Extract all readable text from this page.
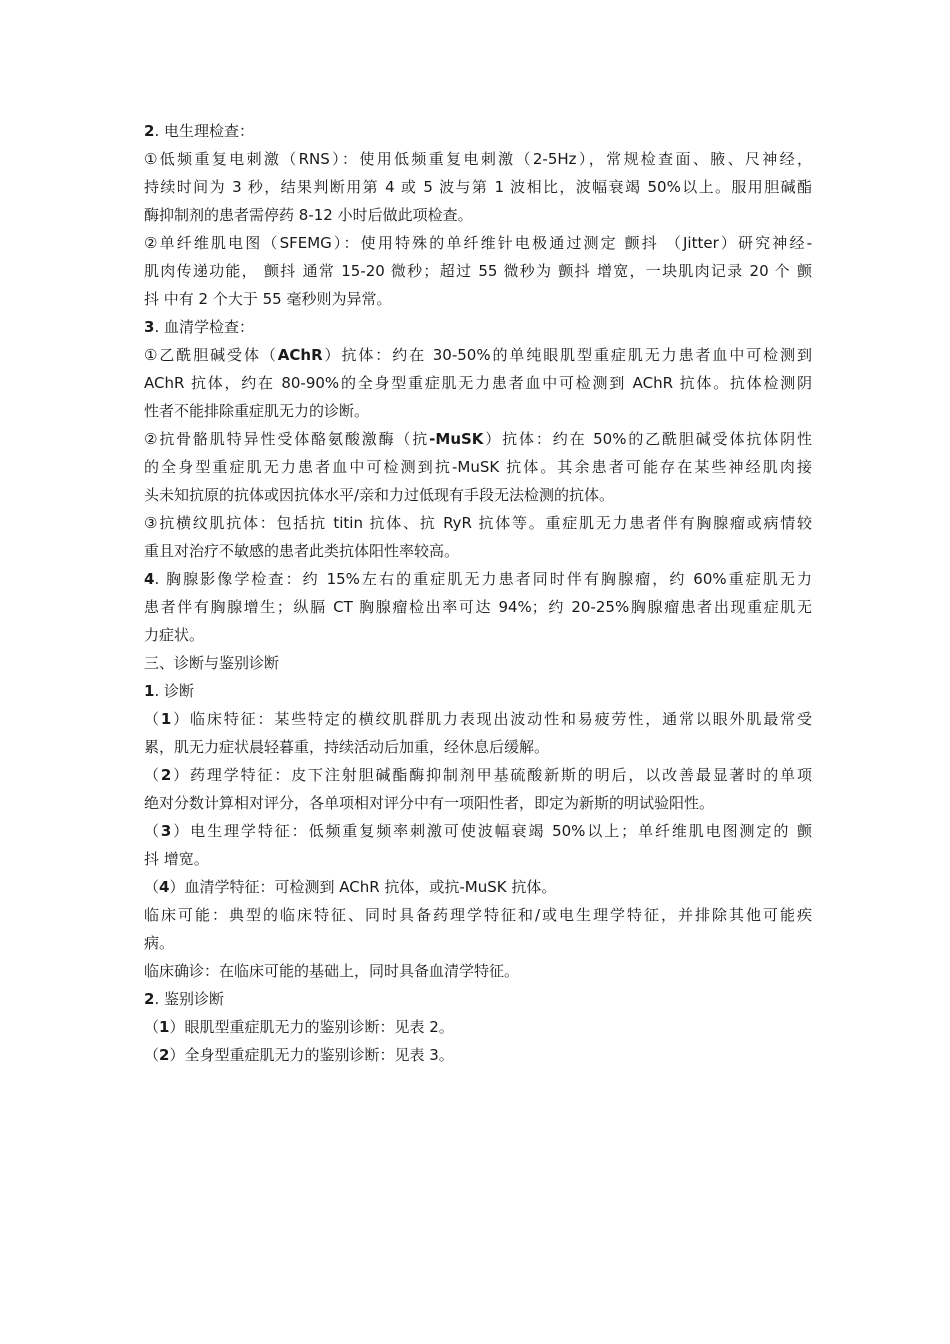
2. 电生理检查：
①低频重复电刺激（RNS）：使用低频重复电刺激（2-5Hz），常规检查面、腋、尺神经，
持续时间为 3 秒，结果判断用第 4 或 5 波与第 1 波相比，波幅衰竭 50%以上。服用胆碱酯
酶抑制剂的患者需停药 8-12 小时后做此项检查。
②单纤维肌电图（SFEMG）：使用特殊的单纤维针电极通过测定 颤抖 （Jitter）研究神经-
肌肉传递功能， 颤抖 通常 15-20 微秒；超过 55 微秒为 颤抖 增宽，一块肌肉记录 20 个 颤
抖 中有 2 个大于 55 毫秒则为异常。
3. 血清学检查：
①乙酰胆碱受体（AChR）抗体：约在 30-50%的单纯眼肌型重症肌无力患者血中可检测到
AChR 抗体，约在 80-90%的全身型重症肌无力患者血中可检测到 AChR 抗体。抗体检测阴
性者不能排除重症肌无力的诊断。
②抗骨骼肌特异性受体酪氨酸激酶（抗-MuSK）抗体：约在 50%的乙酰胆碱受体抗体阴性
的全身型重症肌无力患者血中可检测到抗-MuSK 抗体。其余患者可能存在某些神经肌肉接
头未知抗原的抗体或因抗体水平/亲和力过低现有手段无法检测的抗体。
③抗横纹肌抗体：包括抗 titin 抗体、抗 RyR 抗体等。重症肌无力患者伴有胸腺瘤或病情较
重且对治疗不敏感的患者此类抗体阳性率较高。
4. 胸腺影像学检查：约 15%左右的重症肌无力患者同时伴有胸腺瘤，约 60%重症肌无力
患者伴有胸腺增生；纵膈 CT 胸腺瘤检出率可达 94%；约 20-25%胸腺瘤患者出现重症肌无
力症状。
三、诊断与鉴别诊断
1. 诊断
（1）临床特征：某些特定的横纹肌群肌力表现出波动性和易疲劳性，通常以眼外肌最常受
累，肌无力症状晨轻暮重，持续活动后加重，经休息后缓解。
（2）药理学特征：皮下注射胆碱酯酶抑制剂甲基硫酸新斯的明后，以改善最显著时的单项
绝对分数计算相对评分，各单项相对评分中有一项阳性者，即定为新斯的明试验阳性。
（3）电生理学特征：低频重复频率刺激可使波幅衰竭 50%以上；单纤维肌电图测定的 颤
抖 增宽。
（4）血清学特征：可检测到 AChR 抗体，或抗-MuSK 抗体。
临床可能：典型的临床特征、同时具备药理学特征和/或电生理学特征，并排除其他可能疾
病。
临床确诊：在临床可能的基础上，同时具备血清学特征。
2. 鉴别诊断
（1）眼肌型重症肌无力的鉴别诊断：见表 2。
（2）全身型重症肌无力的鉴别诊断：见表 3。
